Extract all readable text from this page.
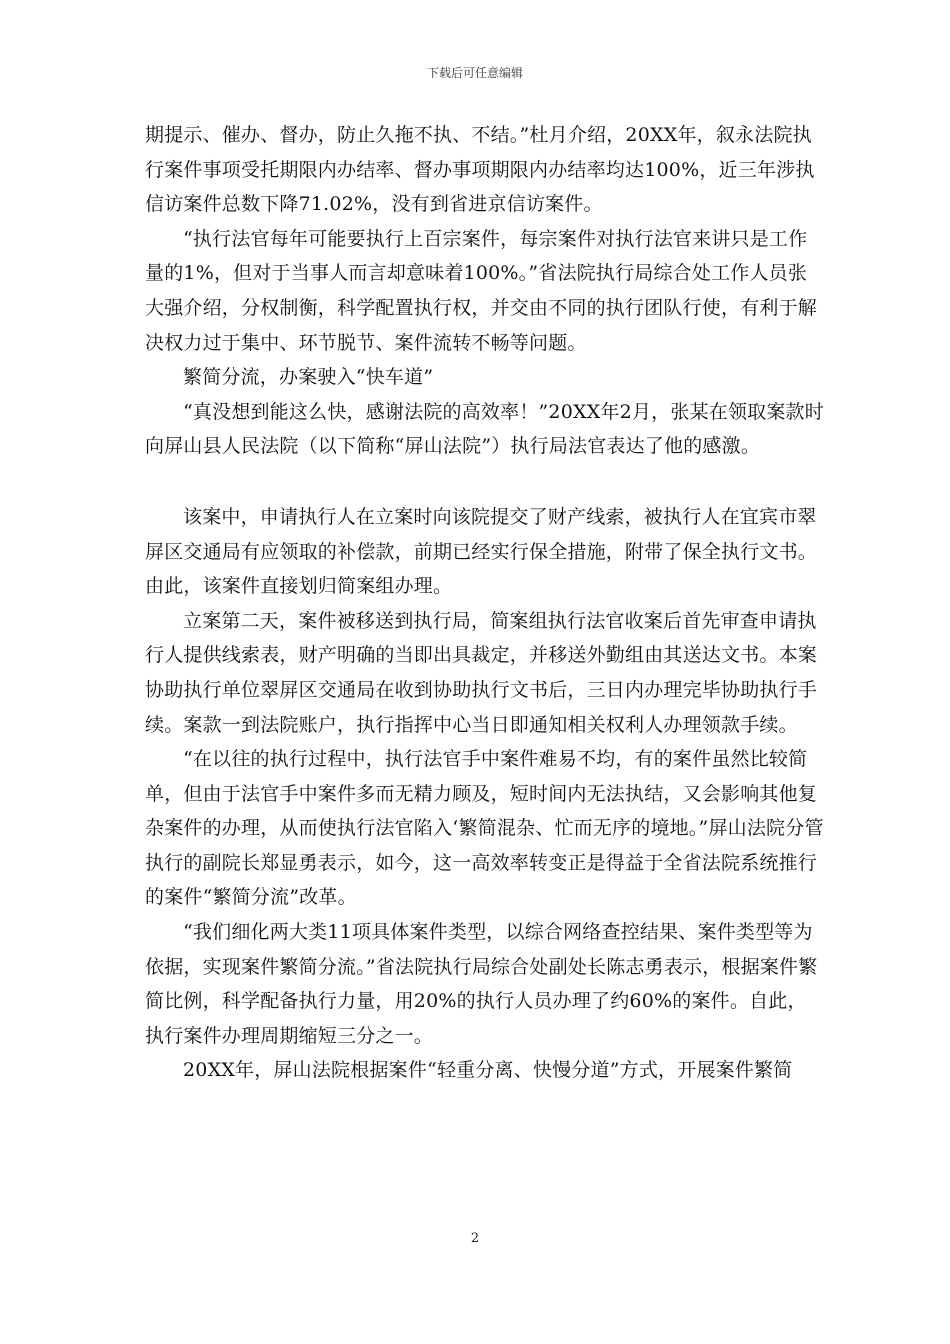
下载后可任意编辑

期提示、催办、督办，防止久拖不执、不结。”杜月介绍，20XX年，叙永法院执行案件事项受托期限内办结率、督办事项期限内办结率均达100%，近三年涉执信访案件总数下降71.02%，没有到省进京信访案件。

“执行法官每年可能要执行上百宗案件，每宗案件对执行法官来讲只是工作量的1%，但对于当事人而言却意味着100%。”省法院执行局综合处工作人员张大强介绍，分权制衡，科学配置执行权，并交由不同的执行团队行使，有利于解决权力过于集中、环节脱节、案件流转不畅等问题。

繁简分流，办案驶入“快车道”

“真没想到能这么快，感谢法院的高效率！”20XX年2月，张某在领取案款时向屏山县人民法院（以下简称“屏山法院”）执行局法官表达了他的感激。

该案中，申请执行人在立案时向该院提交了财产线索，被执行人在宜宾市翠屏区交通局有应领取的补偿款，前期已经实行保全措施，附带了保全执行文书。由此，该案件直接划归简案组办理。

立案第二天，案件被移送到执行局，简案组执行法官收案后首先审查申请执行人提供线索表，财产明确的当即出具裁定，并移送外勤组由其送达文书。本案协助执行单位翠屏区交通局在收到协助执行文书后，三日内办理完毕协助执行手续。案款一到法院账户，执行指挥中心当日即通知相关权利人办理领款手续。

“在以往的执行过程中，执行法官手中案件难易不均，有的案件虽然比较简单，但由于法官手中案件多而无精力顾及，短时间内无法执结，又会影响其他复杂案件的办理，从而使执行法官陷入‘繁简混杂、忙而无序的境地。”屏山法院分管执行的副院长郑显勇表示，如今，这一高效率转变正是得益于全省法院系统推行的案件“繁简分流”改革。

“我们细化两大类11项具体案件类型，以综合网络查控结果、案件类型等为依据，实现案件繁简分流。”省法院执行局综合处副处长陈志勇表示，根据案件繁简比例，科学配备执行力量，用20%的执行人员办理了约60%的案件。自此，执行案件办理周期缩短三分之一。

20XX年，屏山法院根据案件“轻重分离、快慢分道”方式，开展案件繁简

2
